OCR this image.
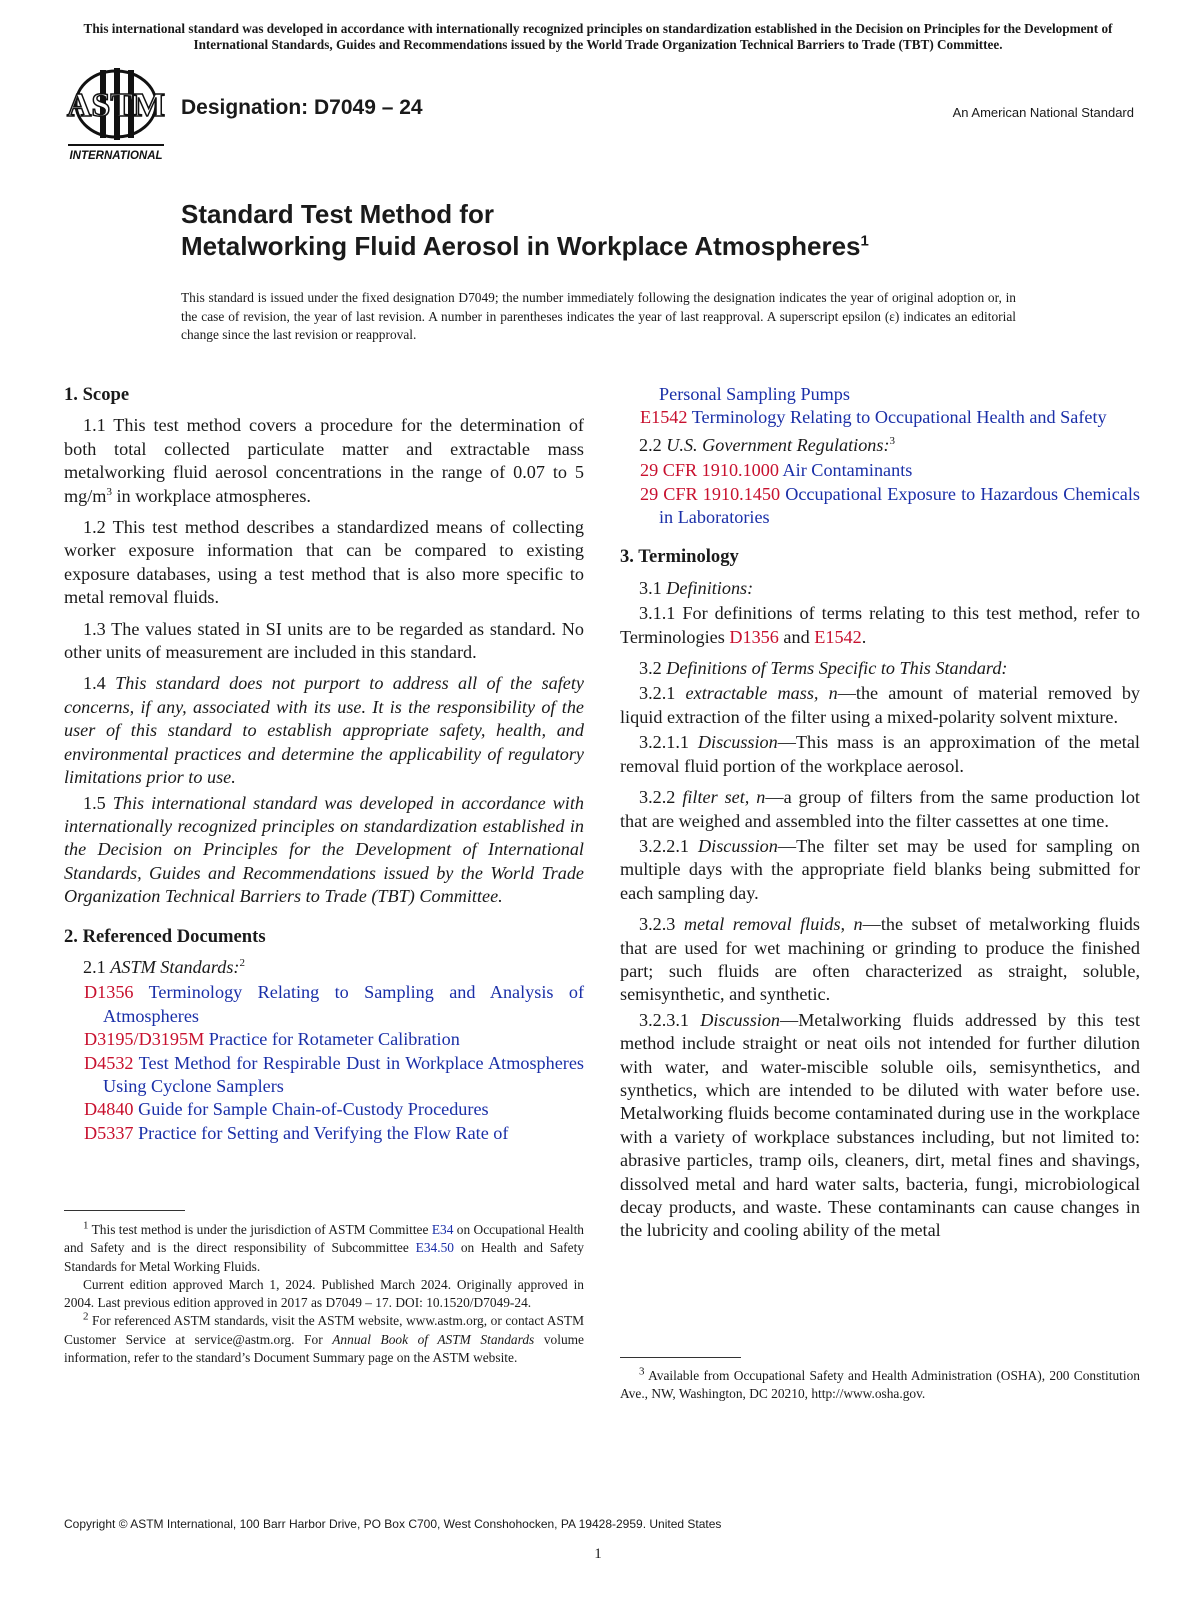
This international standard was developed in accordance with internationally recognized principles on standardization established in the Decision on Principles for the Development of International Standards, Guides and Recommendations issued by the World Trade Organization Technical Barriers to Trade (TBT) Committee.
ASTM
INTERNATIONAL
Designation: D7049 – 24	An American National Standard
Standard Test Method for
Metalworking Fluid Aerosol in Workplace Atmospheres$^1$
This standard is issued under the fixed designation D7049; the number immediately following the designation indicates the year of original adoption or, in the case of revision, the year of last revision. A number in parentheses indicates the year of last reapproval. A superscript epsilon (ε) indicates an editorial change since the last revision or reapproval.
1. Scope

1.1 This test method covers a procedure for the determination of both total collected particulate matter and extractable mass metalworking fluid aerosol concentrations in the range of 0.07 to 5 $mg/m^3$ in workplace atmospheres.

1.2 This test method describes a standardized means of collecting worker exposure information that can be compared to existing exposure databases, using a test method that is also more specific to metal removal fluids.

1.3 The values stated in SI units are to be regarded as standard. No other units of measurement are included in this standard.

1.4 This standard does not purport to address all of the safety concerns, if any, associated with its use. It is the responsibility of the user of this standard to establish appropriate safety, health, and environmental practices and determine the applicability of regulatory limitations prior to use.

1.5 This international standard was developed in accordance with internationally recognized principles on standardization established in the Decision on Principles for the Development of International Standards, Guides and Recommendations issued by the World Trade Organization Technical Barriers to Trade (TBT) Committee.

2. Referenced Documents

2.1 ASTM Standards:$^2$

D1356 Terminology Relating to Sampling and Analysis of Atmospheres

D3195/D3195M Practice for Rotameter Calibration

D4532 Test Method for Respirable Dust in Workplace Atmospheres Using Cyclone Samplers

D4840 Guide for Sample Chain-of-Custody Procedures

D5337 Practice for Setting and Verifying the Flow Rate of

$^1$ This test method is under the jurisdiction of ASTM Committee E34 on Occupational Health and Safety and is the direct responsibility of Subcommittee E34.50 on Health and Safety Standards for Metal Working Fluids.

Current edition approved March 1, 2024. Published March 2024. Originally approved in 2004. Last previous edition approved in 2017 as D7049 – 17. DOI: 10.1520/D7049-24.

$^2$ For referenced ASTM standards, visit the ASTM website, www.astm.org, or contact ASTM Customer Service at service@astm.org. For Annual Book of ASTM Standards volume information, refer to the standard’s Document Summary page on the ASTM website.

Personal Sampling Pumps

E1542 Terminology Relating to Occupational Health and Safety

2.2 U.S. Government Regulations:$^3$

29 CFR 1910.1000 Air Contaminants

29 CFR 1910.1450 Occupational Exposure to Hazardous Chemicals in Laboratories

3. Terminology

3.1 Definitions:

3.1.1 For definitions of terms relating to this test method, refer to Terminologies D1356 and E1542.

3.2 Definitions of Terms Specific to This Standard:

3.2.1 extractable mass, n—the amount of material removed by liquid extraction of the filter using a mixed-polarity solvent mixture.

3.2.1.1 Discussion—This mass is an approximation of the metal removal fluid portion of the workplace aerosol.

3.2.2 filter set, n—a group of filters from the same production lot that are weighed and assembled into the filter cassettes at one time.

3.2.2.1 Discussion—The filter set may be used for sampling on multiple days with the appropriate field blanks being submitted for each sampling day.

3.2.3 metal removal fluids, n—the subset of metalworking fluids that are used for wet machining or grinding to produce the finished part; such fluids are often characterized as straight, soluble, semisynthetic, and synthetic.

3.2.3.1 Discussion—Metalworking fluids addressed by this test method include straight or neat oils not intended for further dilution with water, and water-miscible soluble oils, semisynthetics, and synthetics, which are intended to be diluted with water before use. Metalworking fluids become contaminated during use in the workplace with a variety of workplace substances including, but not limited to: abrasive particles, tramp oils, cleaners, dirt, metal fines and shavings, dissolved metal and hard water salts, bacteria, fungi, microbiological decay products, and waste. These contaminants can cause changes in the lubricity and cooling ability of the metal

$^3$ Available from Occupational Safety and Health Administration (OSHA), 200 Constitution Ave., NW, Washington, DC 20210, http://www.osha.gov.

Copyright © ASTM International, 100 Barr Harbor Drive, PO Box C700, West Conshohocken, PA 19428-2959. United States
1
